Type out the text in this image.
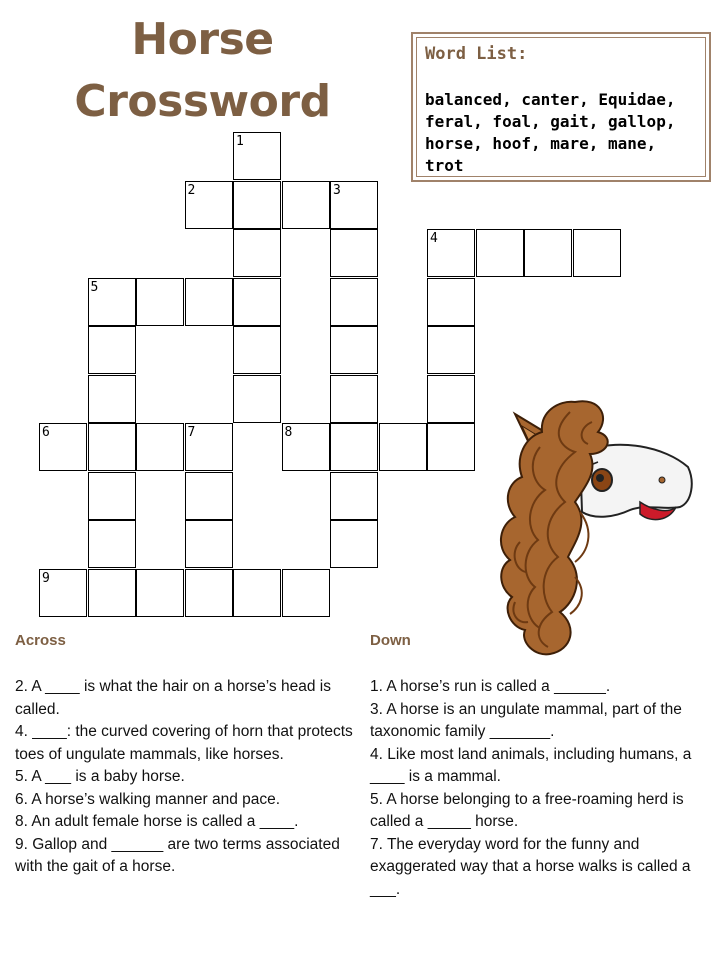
Horse
Crossword
Word List:
balanced, canter, Equidae, feral, foal, gait, gallop, horse, hoof, mare, mane, trot
1
2	3
4
5
6	7	8
9
Across	Down

2. A ____ is what the hair on a horse’s head is called.

4. ____: the curved covering of horn that protects toes of ungulate mammals, like horses.

5. A ___ is a baby horse.

6. A horse’s walking manner and pace.

8. An adult female horse is called a ____.

9. Gallop and ______ are two terms associated with the gait of a horse.

1. A horse’s run is called a ______.

3. A horse is an ungulate mammal, part of the taxonomic family _______.

4. Like most land animals, including humans, a ____ is a mammal.

5. A horse belonging to a free-roaming herd is called a _____ horse.

7. The everyday word for the funny and exaggerated way that a horse walks is called a ___.
